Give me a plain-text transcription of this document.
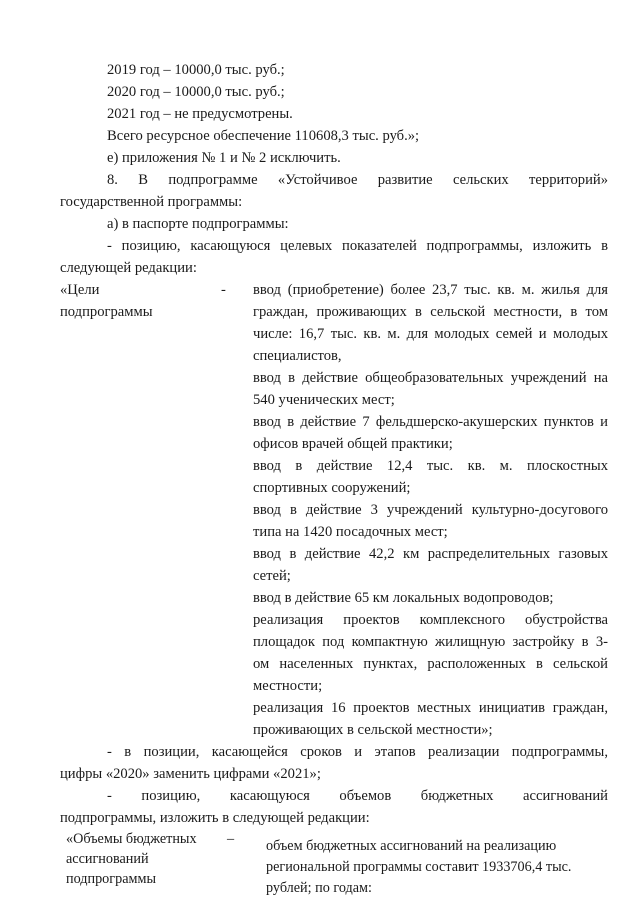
2019 год – 10000,0 тыс. руб.;
2020 год – 10000,0 тыс. руб.;
2021 год – не предусмотрены.
Всего ресурсное обеспечение 110608,3 тыс. руб.»;
е) приложения № 1 и № 2 исключить.
8. В подпрограмме «Устойчивое развитие сельских территорий»
государственной программы:
а) в паспорте подпрограммы:
- позицию, касающуюся целевых показателей подпрограммы, изложить в
следующей редакции:
«Цели	-
подпрограммы
ввод (приобретение) более 23,7 тыс. кв. м. жилья для
граждан, проживающих в сельской местности, в том
числе: 16,7 тыс. кв. м. для молодых семей и молодых
специалистов,
ввод в действие общеобразовательных учреждений на
540 ученических мест;
ввод в действие 7 фельдшерско-акушерских пунктов и
офисов врачей общей практики;
ввод в действие 12,4 тыс. кв. м. плоскостных
спортивных сооружений;
ввод в действие 3 учреждений культурно-досугового
типа на 1420 посадочных мест;
ввод в действие 42,2 км распределительных газовых
сетей;
ввод в действие 65 км локальных водопроводов;
реализация проектов комплексного обустройства
площадок под компактную жилищную застройку в 3-
ом населенных пунктах, расположенных в сельской
местности;
реализация 16 проектов местных инициатив граждан,
проживающих в сельской местности»;
- в позиции, касающейся сроков и этапов реализации подпрограммы,
цифры «2020» заменить цифрами «2021»;
- позицию, касающуюся объемов бюджетных ассигнований
подпрограммы, изложить в следующей редакции:
«Объемы бюджетных	–
ассигнований
подпрограммы
объем бюджетных ассигнований на реализацию
региональной программы составит 1933706,4 тыс.
рублей; по годам:
